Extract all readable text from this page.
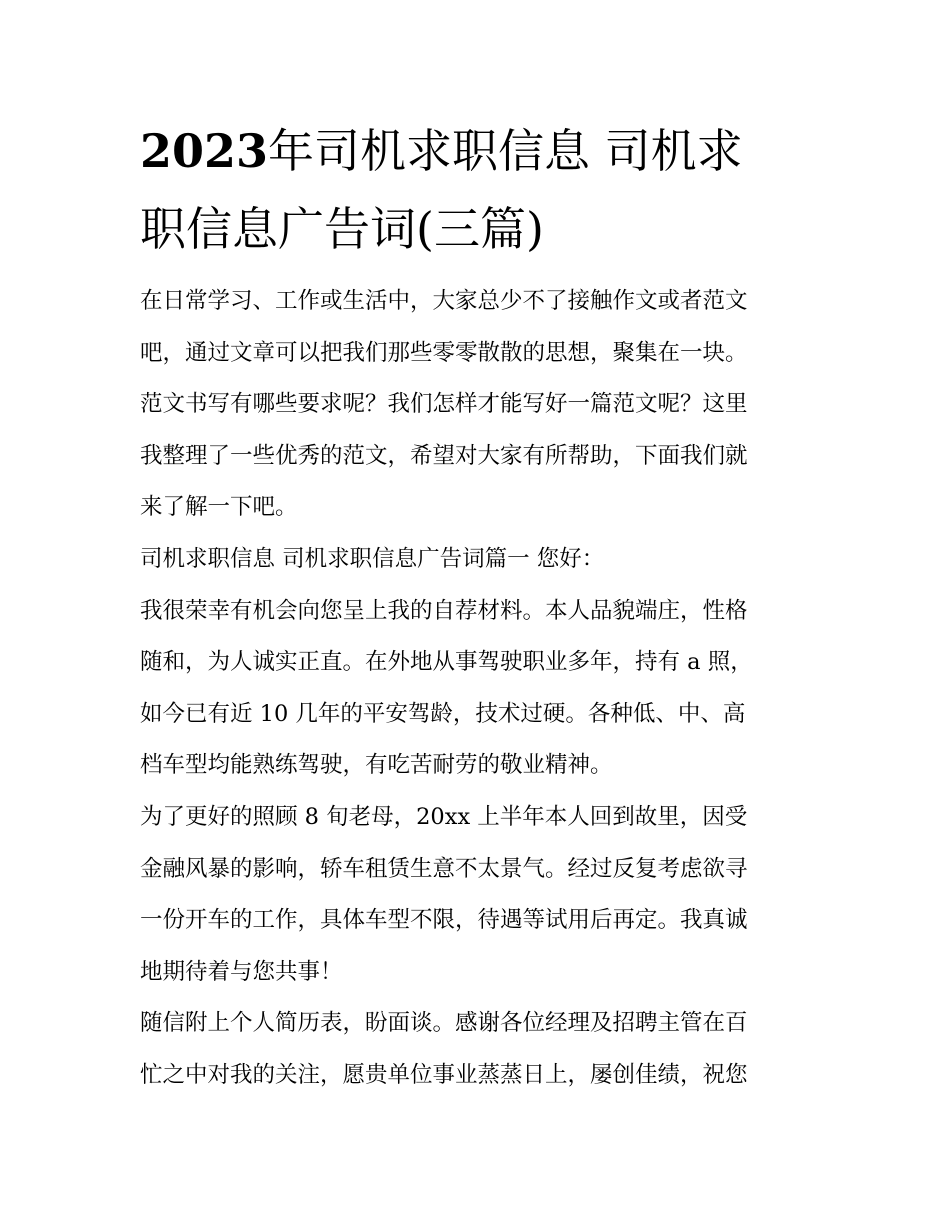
2023年司机求职信息 司机求
职信息广告词(三篇)
在日常学习、工作或生活中，大家总少不了接触作文或者范文
吧，通过文章可以把我们那些零零散散的思想，聚集在一块。
范文书写有哪些要求呢？我们怎样才能写好一篇范文呢？这里
我整理了一些优秀的范文，希望对大家有所帮助，下面我们就
来了解一下吧。
司机求职信息 司机求职信息广告词篇一 您好：
我很荣幸有机会向您呈上我的自荐材料。本人品貌端庄，性格
随和，为人诚实正直。在外地从事驾驶职业多年，持有 a 照，
如今已有近 10 几年的平安驾龄，技术过硬。各种低、中、高
档车型均能熟练驾驶，有吃苦耐劳的敬业精神。
为了更好的照顾 8 旬老母，20xx 上半年本人回到故里，因受
金融风暴的影响，轿车租赁生意不太景气。经过反复考虑欲寻
一份开车的工作，具体车型不限，待遇等试用后再定。我真诚
地期待着与您共事！
随信附上个人简历表，盼面谈。感谢各位经理及招聘主管在百
忙之中对我的关注，愿贵单位事业蒸蒸日上，屡创佳绩，祝您
